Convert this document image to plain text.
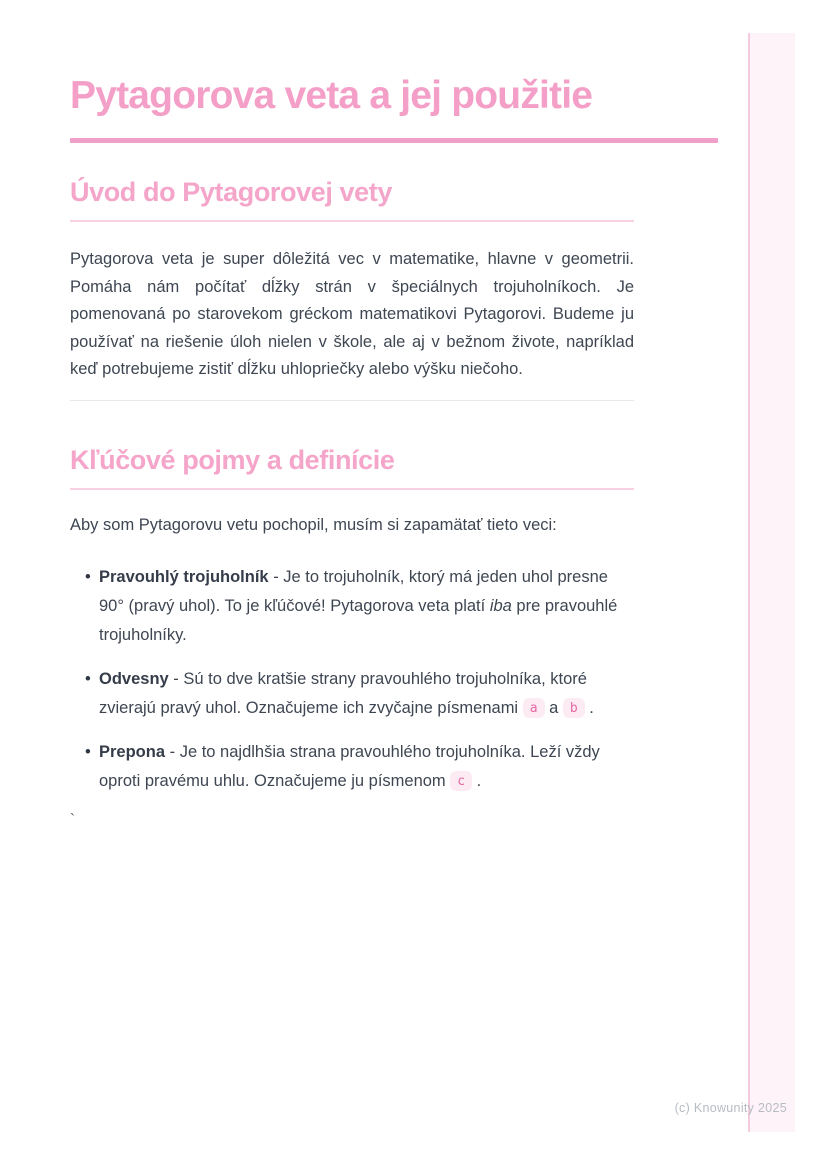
Pytagorova veta a jej použitie
Úvod do Pytagorovej vety

Pytagorova veta je super dôležitá vec v matematike, hlavne v geometrii. Pomáha nám počítať dĺžky strán v špeciálnych trojuholníkoch. Je pomenovaná po starovekom gréckom matematikovi Pytagorovi. Budeme ju používať na riešenie úloh nielen v škole, ale aj v bežnom živote, napríklad keď potrebujeme zistiť dĺžku uhlopriečky alebo výšku niečoho.

Kľúčové pojmy a definície

Aby som Pytagorovu vetu pochopil, musím si zapamätať tieto veci:

• Pravouhlý trojuholník - Je to trojuholník, ktorý má jeden uhol presne 90° (pravý uhol). To je kľúčové! Pytagorova veta platí iba pre pravouhlé trojuholníky.
• Odvesny - Sú to dve kratšie strany pravouhlého trojuholníka, ktoré zvierajú pravý uhol. Označujeme ich zvyčajne písmenami a a b .
• Prepona - Je to najdlhšia strana pravouhlého trojuholníka. Leží vždy oproti pravému uhlu. Označujeme ju písmenom c .
`
(c) Knowunity 2025
